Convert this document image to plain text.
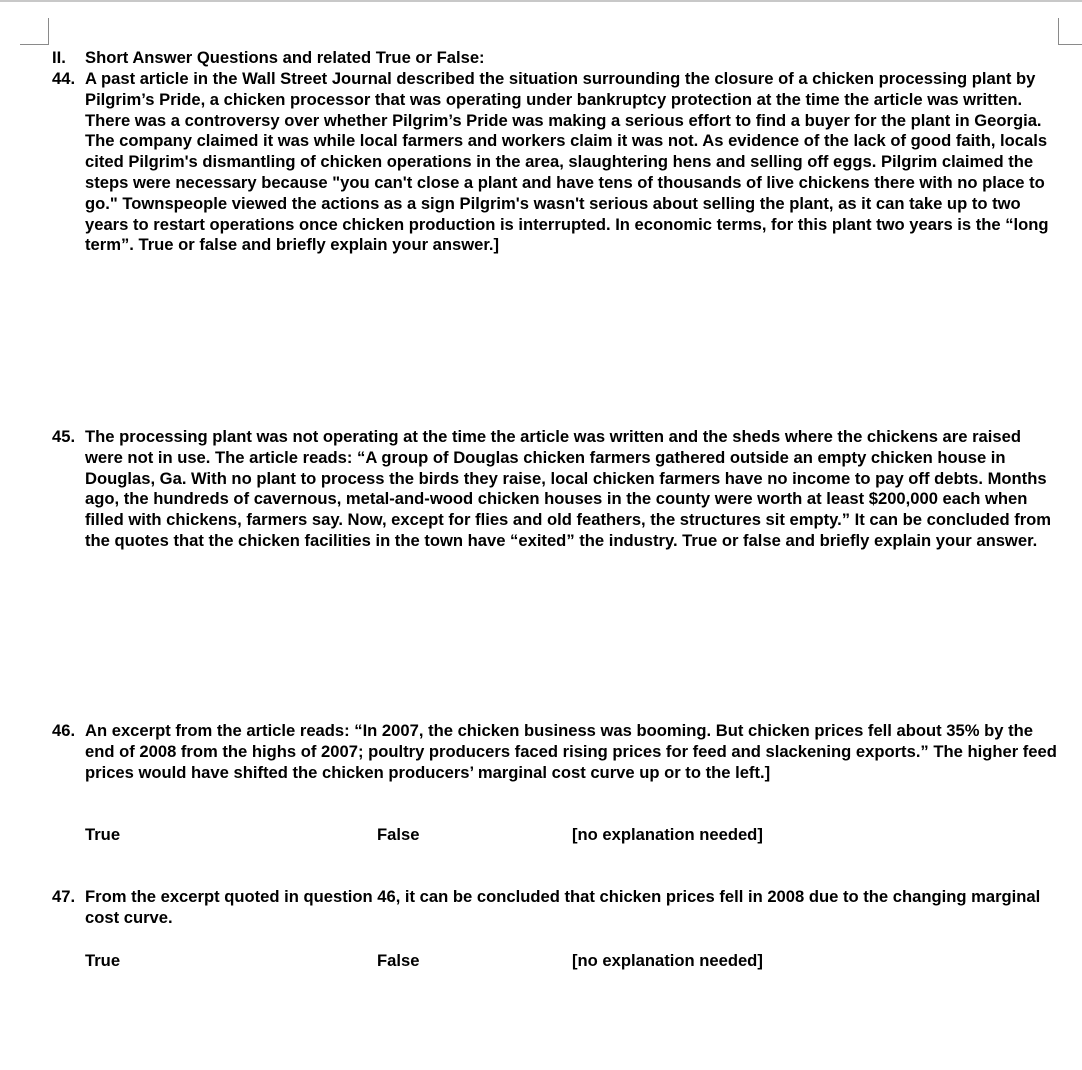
II.	Short Answer Questions and related True or False:
44. A past article in the Wall Street Journal described the situation surrounding the closure of a chicken processing plant by Pilgrim’s Pride, a chicken processor that was operating under bankruptcy protection at the time the article was written. There was a controversy over whether Pilgrim’s Pride was making a serious effort to find a buyer for the plant in Georgia. The company claimed it was while local farmers and workers claim it was not. As evidence of the lack of good faith, locals cited Pilgrim's dismantling of chicken operations in the area, slaughtering hens and selling off eggs. Pilgrim claimed the steps were necessary because "you can't close a plant and have tens of thousands of live chickens there with no place to go." Townspeople viewed the actions as a sign Pilgrim's wasn't serious about selling the plant, as it can take up to two years to restart operations once chicken production is interrupted. In economic terms, for this plant two years is the “long term”. True or false and briefly explain your answer.]
45. The processing plant was not operating at the time the article was written and the sheds where the chickens are raised were not in use. The article reads: “A group of Douglas chicken farmers gathered outside an empty chicken house in Douglas, Ga. With no plant to process the birds they raise, local chicken farmers have no income to pay off debts. Months ago, the hundreds of cavernous, metal-and-wood chicken houses in the county were worth at least $200,000 each when filled with chickens, farmers say. Now, except for flies and old feathers, the structures sit empty.” It can be concluded from the quotes that the chicken facilities in the town have “exited” the industry. True or false and briefly explain your answer.
46. An excerpt from the article reads: “In 2007, the chicken business was booming. But chicken prices fell about 35% by the end of 2008 from the highs of 2007; poultry producers faced rising prices for feed and slackening exports.” The higher feed prices would have shifted the chicken producers’ marginal cost curve up or to the left.]
True	False	[no explanation needed]
47. From the excerpt quoted in question 46, it can be concluded that chicken prices fell in 2008 due to the changing marginal cost curve.
True	False	[no explanation needed]
